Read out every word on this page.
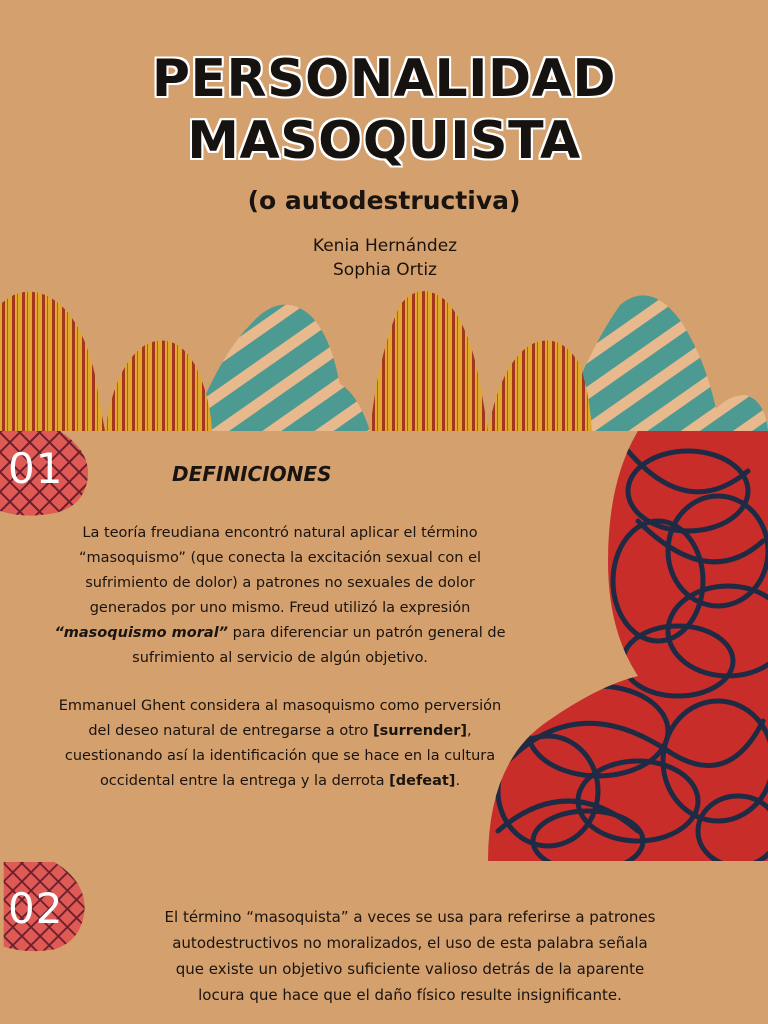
PERSONALIDAD
MASOQUISTA
(o autodestructiva)
Kenia Hernández
Sophia Ortiz
01	DEFINICIONES
La teoría freudiana encontró natural aplicar el término
“masoquismo” (que conecta la excitación sexual con el
sufrimiento de dolor) a patrones no sexuales de dolor
generados por uno mismo. Freud utilizó la expresión
“masoquismo moral” para diferenciar un patrón general de
sufrimiento al servicio de algún objetivo.
Emmanuel Ghent considera al masoquismo como perversión
del deseo natural de entregarse a otro [surrender],
cuestionando así la identificación que se hace en la cultura
occidental entre la entrega y la derrota [defeat].
02	El término “masoquista” a veces se usa para referirse a patrones
autodestructivos no moralizados, el uso de esta palabra señala
que existe un objetivo suficiente valioso detrás de la aparente
locura que hace que el daño físico resulte insignificante.
